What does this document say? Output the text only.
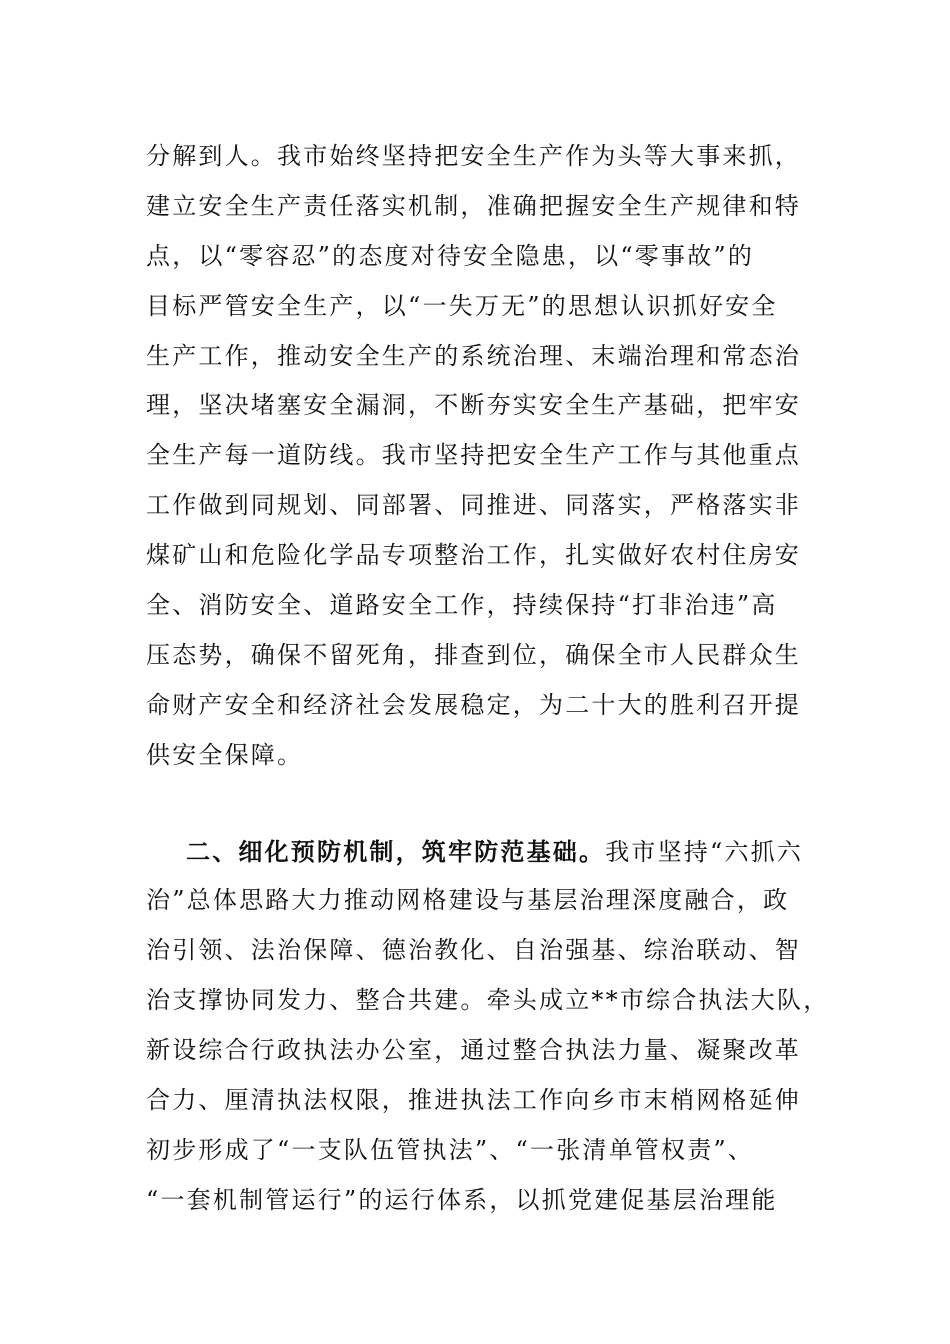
分解到人。我市始终坚持把安全生产作为头等大事来抓，
建立安全生产责任落实机制，准确把握安全生产规律和特
点，以“零容忍”的态度对待安全隐患，以“零事故”的
目标严管安全生产，以“一失万无”的思想认识抓好安全
生产工作，推动安全生产的系统治理、末端治理和常态治
理，坚决堵塞安全漏洞，不断夯实安全生产基础，把牢安
全生产每一道防线。我市坚持把安全生产工作与其他重点
工作做到同规划、同部署、同推进、同落实，严格落实非
煤矿山和危险化学品专项整治工作，扎实做好农村住房安
全、消防安全、道路安全工作，持续保持“打非治违”高
压态势，确保不留死角，排查到位，确保全市人民群众生
命财产安全和经济社会发展稳定，为二十大的胜利召开提
供安全保障。
二、细化预防机制，筑牢防范基础。我市坚持“六抓六
治”总体思路大力推动网格建设与基层治理深度融合，政
治引领、法治保障、德治教化、自治强基、综治联动、智
治支撑协同发力、整合共建。牵头成立**市综合执法大队，
新设综合行政执法办公室，通过整合执法力量、凝聚改革
合力、厘清执法权限，推进执法工作向乡市末梢网格延伸
初步形成了“一支队伍管执法”、“一张清单管权责”、
“一套机制管运行”的运行体系，以抓党建促基层治理能
